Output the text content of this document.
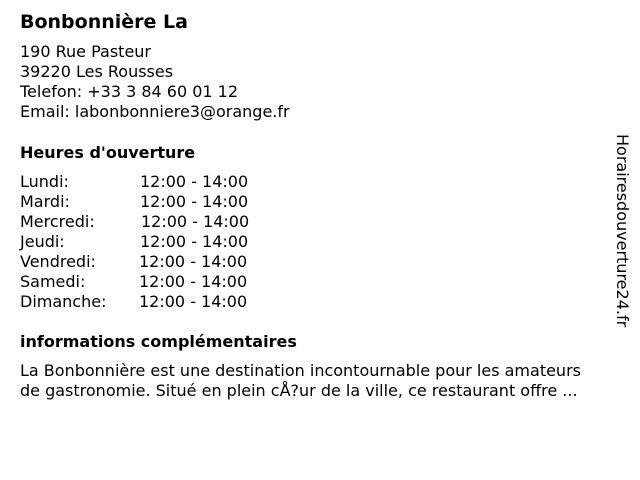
Bonbonnière La
190 Rue Pasteur
39220 Les Rousses
Telefon: +33 3 84 60 01 12
Email: labonbonniere3@orange.fr
Heures d'ouverture
Lundi:	12:00 - 14:00
Mardi:	12:00 - 14:00
Mercredi:	12:00 - 14:00
Jeudi:	12:00 - 14:00
Vendredi:	12:00 - 14:00
Samedi:	12:00 - 14:00
Dimanche:	12:00 - 14:00
informations complémentaires
La Bonbonnière est une destination incontournable pour les amateurs
de gastronomie. Situé en plein cÅ?ur de la ville, ce restaurant offre ...
Horairesdouverture24.fr
